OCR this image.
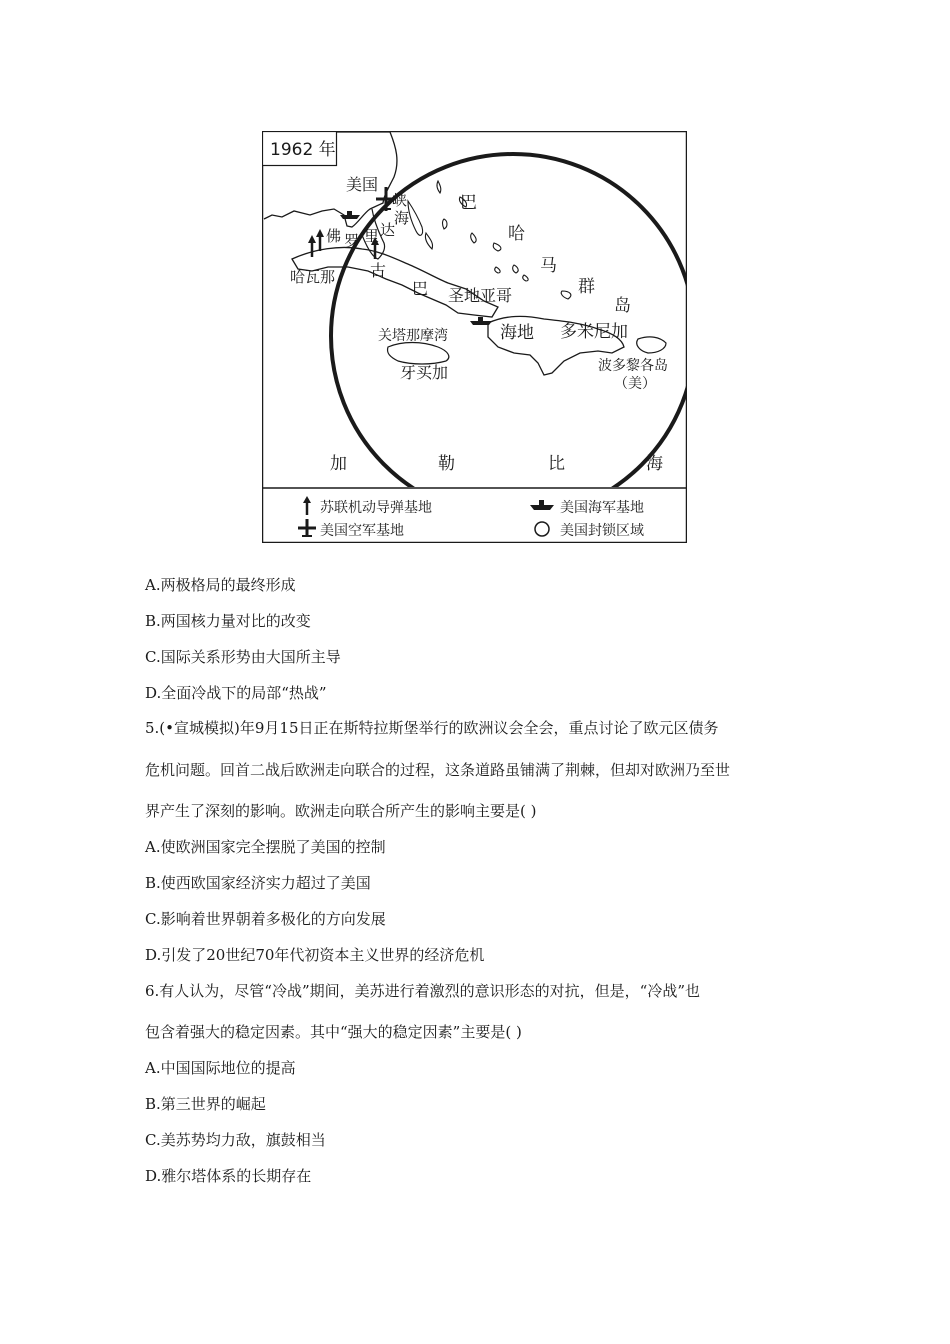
1962 年
美国
峡
海
达
里
罗
佛
巴
哈
马
群
岛
哈瓦那 古
巴 圣地亚哥
关塔那摩湾	海地 多米尼加
牙买加	波多黎各岛
（美）
加	勒	比	海
苏联机动导弹基地	美国海军基地
美国空军基地	美国封锁区域
A.两极格局的最终形成
B.两国核力量对比的改变
C.国际关系形势由大国所主导
D.全面冷战下的局部“热战”
5.(•宣城模拟)年9月15日正在斯特拉斯堡举行的欧洲议会全会，重点讨论了欧元区债务
危机问题。回首二战后欧洲走向联合的过程，这条道路虽铺满了荆棘，但却对欧洲乃至世
界产生了深刻的影响。欧洲走向联合所产生的影响主要是( )
A.使欧洲国家完全摆脱了美国的控制
B.使西欧国家经济实力超过了美国
C.影响着世界朝着多极化的方向发展
D.引发了20世纪70年代初资本主义世界的经济危机
6.有人认为，尽管“冷战”期间，美苏进行着激烈的意识形态的对抗，但是，“冷战”也
包含着强大的稳定因素。其中“强大的稳定因素”主要是( )
A.中国国际地位的提高
B.第三世界的崛起
C.美苏势均力敌，旗鼓相当
D.雅尔塔体系的长期存在
